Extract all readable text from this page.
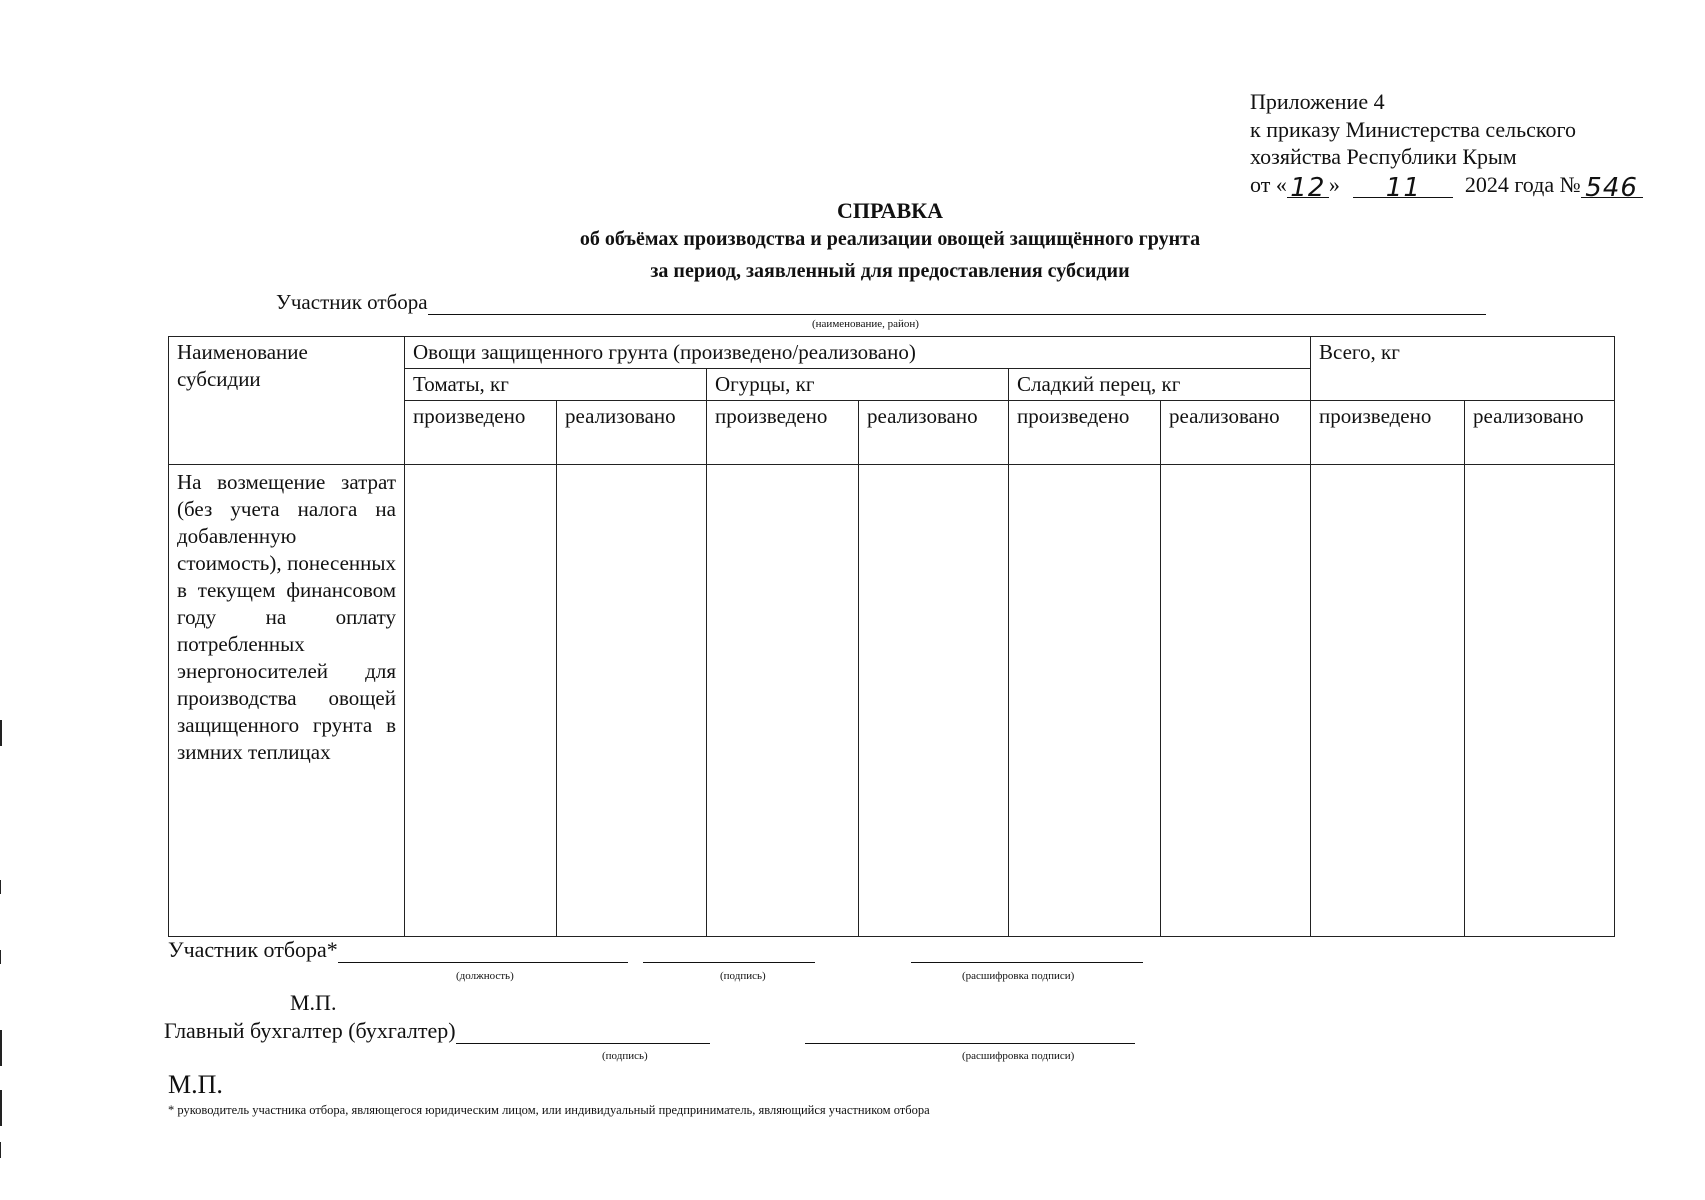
Приложение 4
к приказу Министерства сельского
хозяйства Республики Крым
от « 12 » 11 2024 года № 546
СПРАВКА
об объёмах производства и реализации овощей защищённого грунта
за период, заявленный для предоставления субсидии
Участник отбора
(наименование, район)
Наименование субсидии	Овощи защищенного грунта (произведено/реализовано)						Всего, кг	
	Томаты, кг		Огурцы, кг		Сладкий перец, кг			
	произведено	реализовано	произведено	реализовано	произведено	реализовано	произведено	реализовано
На возмещение затрат (без учета налога на добавленную стоимость), понесенных в текущем финансовом году на оплату потребленных энергоносителей для производства овощей защищенного грунта в зимних теплицах								
Участник отбора*
(должность)	(подпись)	(расшифровка подписи)
М.П.
Главный бухгалтер (бухгалтер)
(подпись)	(расшифровка подписи)
М.П.
* руководитель участника отбора, являющегося юридическим лицом, или индивидуальный предприниматель, являющийся участником отбора
